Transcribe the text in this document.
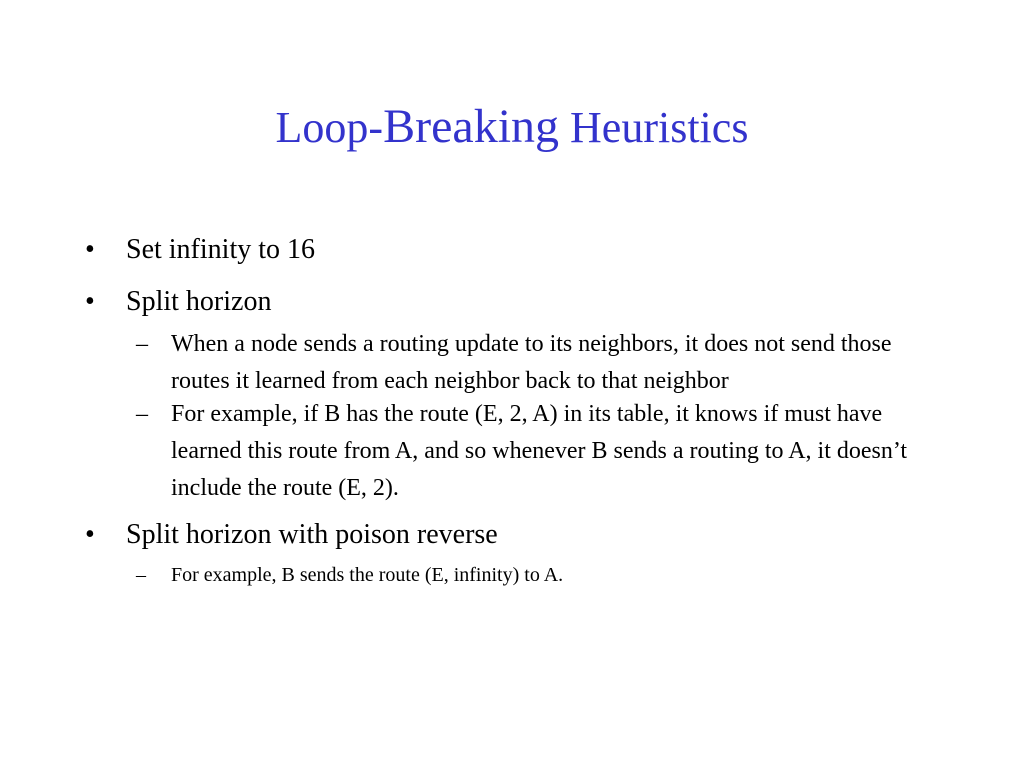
Loop-Breaking Heuristics
•	Set infinity to 16
•	Split horizon
– When a node sends a routing update to its neighbors, it does not send those routes it learned from each neighbor back to that neighbor
– For example, if B has the route (E, 2, A) in its table, it knows if must have learned this route from A, and so whenever B sends a routing to A, it doesn’t include the route (E, 2).
•	Split horizon with poison reverse
–	For example, B sends the route (E, infinity) to A.
